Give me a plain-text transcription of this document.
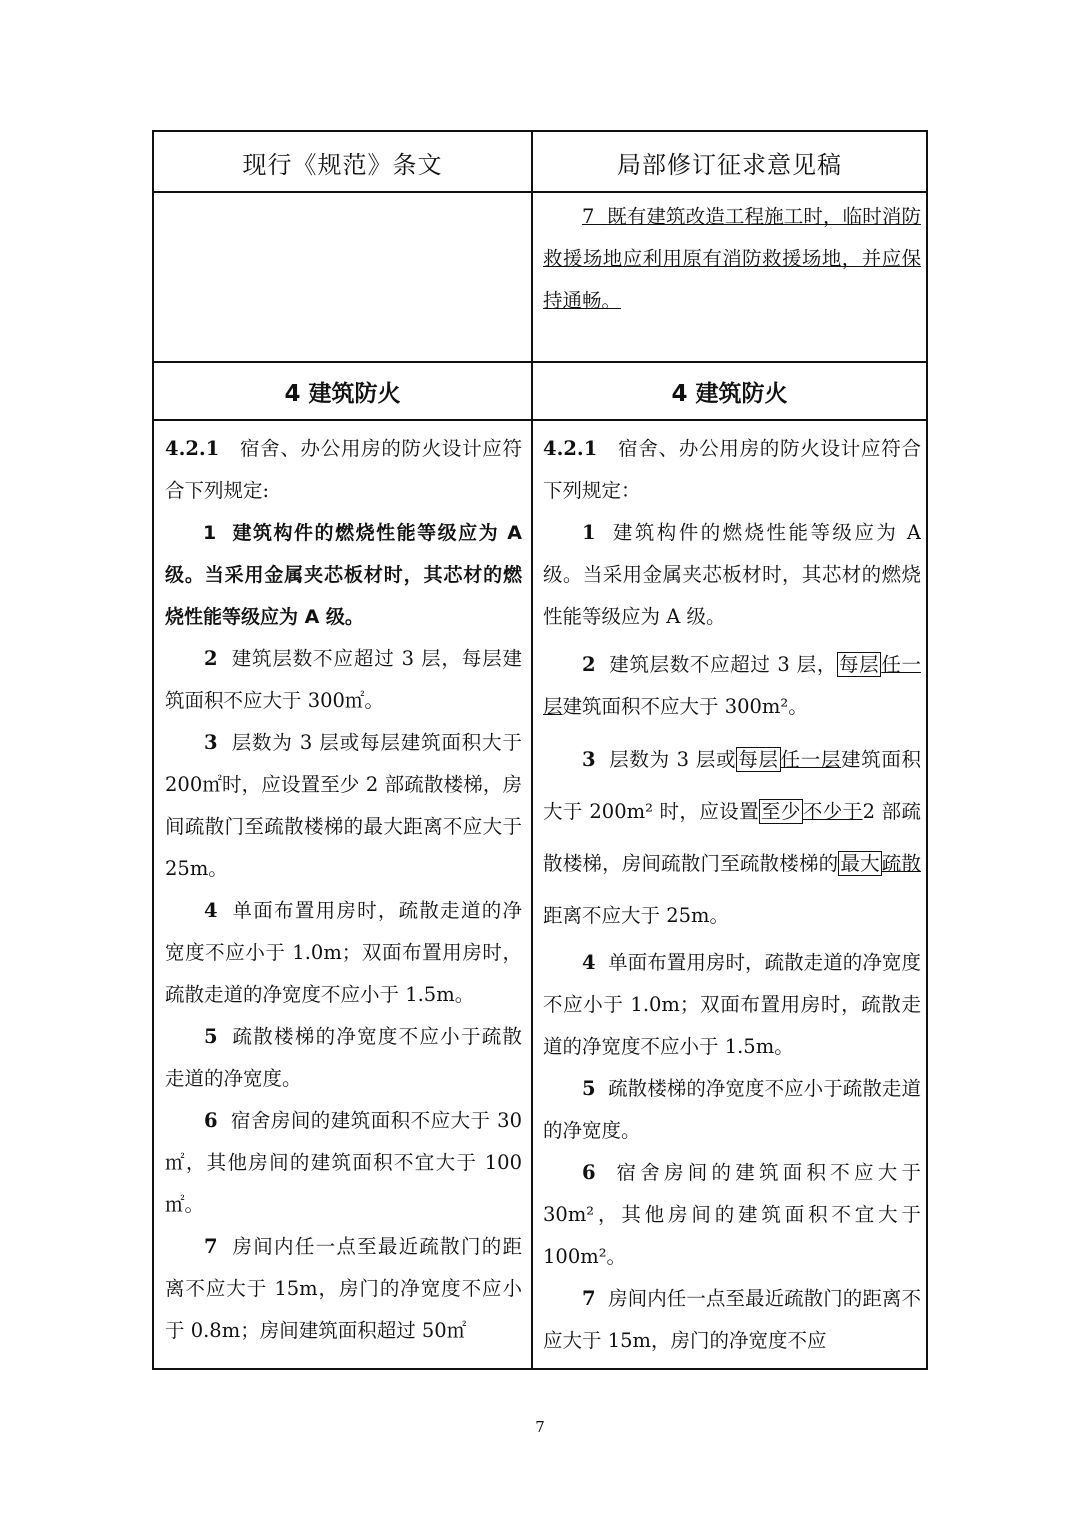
现行《规范》条文	局部修订征求意见稿

7 既有建筑改造工程施工时，临时消防救援场地应利用原有消防救援场地，并应保持通畅。

4 建筑防火	4 建筑防火

4.2.1 宿舍、办公用房的防火设计应符合下列规定:

1 建筑构件的燃烧性能等级应为 A 级。当采用金属夹芯板材时，其芯材的燃烧性能等级应为 A 级。

2 建筑层数不应超过 3 层，每层建筑面积不应大于 300㎡。

3 层数为 3 层或每层建筑面积大于 200㎡时，应设置至少 2 部疏散楼梯，房间疏散门至疏散楼梯的最大距离不应大于 25m。

4 单面布置用房时，疏散走道的净宽度不应小于 1.0m；双面布置用房时，疏散走道的净宽度不应小于 1.5m。

5 疏散楼梯的净宽度不应小于疏散走道的净宽度。

6 宿舍房间的建筑面积不应大于 30㎡，其他房间的建筑面积不宜大于 100㎡。

7 房间内任一点至最近疏散门的距离不应大于 15m，房门的净宽度不应小于 0.8m；房间建筑面积超过 50㎡

4.2.1 宿舍、办公用房的防火设计应符合下列规定：

1 建筑构件的燃烧性能等级应为 A 级。当采用金属夹芯板材时，其芯材的燃烧性能等级应为 A 级。

2 建筑层数不应超过 3 层， 每层 任一层建筑面积不应大于 300m²。

3 层数为 3 层或 每层 任一层建筑面积大于 200m² 时，应设置 至少 不少于2 部疏散楼梯，房间疏散门至疏散楼梯的 最大 疏散距离不应大于 25m。

4 单面布置用房时，疏散走道的净宽度不应小于 1.0m；双面布置用房时，疏散走道的净宽度不应小于 1.5m。

5 疏散楼梯的净宽度不应小于疏散走道的净宽度。

6 宿舍房间的建筑面积不应大于 30m²，其他房间的建筑面积不宜大于 100m²。

7 房间内任一点至最近疏散门的距离不应大于 15m，房门的净宽度不应

7
